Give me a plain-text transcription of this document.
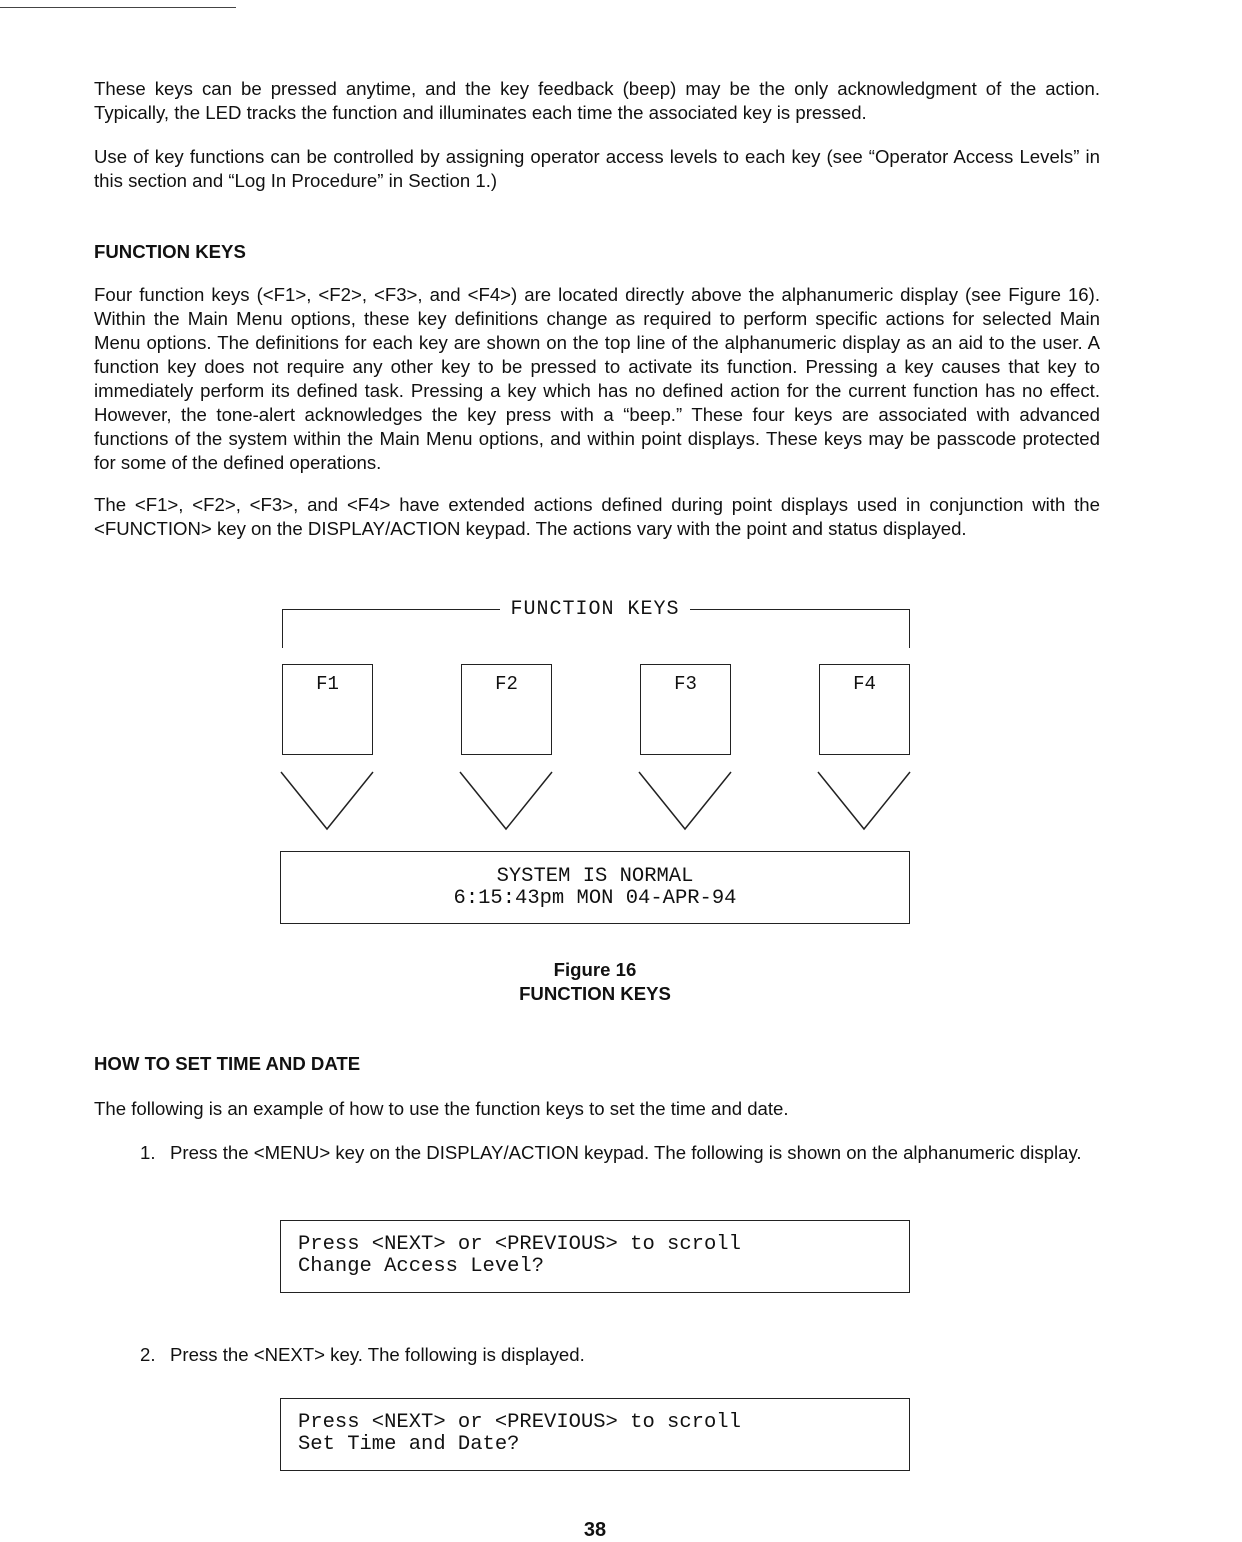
These keys can be pressed anytime, and the key feedback (beep) may be the only acknowledgment of the action. Typically, the LED tracks the function and illuminates each time the associated key is pressed.

Use of key functions can be controlled by assigning operator access levels to each key (see “Operator Access Levels” in this section and “Log In Procedure” in Section 1.)

FUNCTION KEYS

Four function keys (<F1>, <F2>, <F3>, and <F4>) are located directly above the alphanumeric display (see Figure 16). Within the Main Menu options, these key definitions change as required to perform specific actions for selected Main Menu options. The definitions for each key are shown on the top line of the alphanumeric display as an aid to the user. A function key does not require any other key to be pressed to activate its function. Pressing a key causes that key to immediately perform its defined task. Pressing a key which has no defined action for the current function has no effect. However, the tone-alert acknowledges the key press with a “beep.” These four keys are associated with advanced functions of the system within the Main Menu options, and within point displays. These keys may be passcode protected for some of the defined operations.

The <F1>, <F2>, <F3>, and <F4> have extended actions defined during point displays used in conjunction with the <FUNCTION> key on the DISPLAY/ACTION keypad. The actions vary with the point and status displayed.

FUNCTION KEYS
F1	F2	F3	F4
SYSTEM IS NORMAL
6:15:43pm MON 04-APR-94
Figure 16
FUNCTION KEYS
HOW TO SET TIME AND DATE

The following is an example of how to use the function keys to set the time and date.

1. Press the <MENU> key on the DISPLAY/ACTION keypad. The following is shown on the alphanumeric display.
Press <NEXT> or <PREVIOUS> to scroll
Change Access Level?
2. Press the <NEXT> key. The following is displayed.
Press <NEXT> or <PREVIOUS> to scroll
Set Time and Date?
38
